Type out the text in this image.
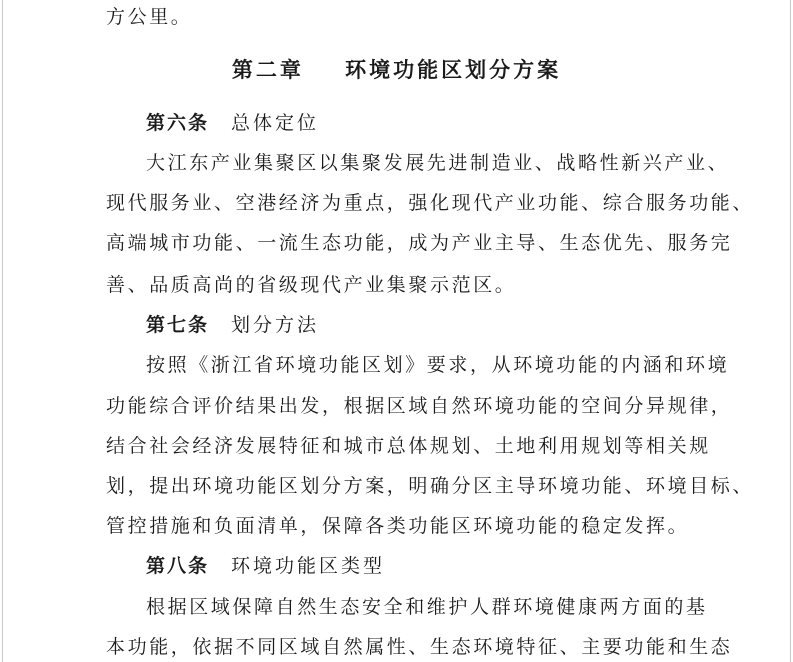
方公里。
第二章    环境功能区划分方案
第六条 总体定位
大江东产业集聚区以集聚发展先进制造业、战略性新兴产业、
现代服务业、空港经济为重点，强化现代产业功能、综合服务功能、
高端城市功能、一流生态功能，成为产业主导、生态优先、服务完
善、品质高尚的省级现代产业集聚示范区。
第七条 划分方法
按照《浙江省环境功能区划》要求，从环境功能的内涵和环境
功能综合评价结果出发，根据区域自然环境功能的空间分异规律，
结合社会经济发展特征和城市总体规划、土地利用规划等相关规
划，提出环境功能区划分方案，明确分区主导环境功能、环境目标、
管控措施和负面清单，保障各类功能区环境功能的稳定发挥。
第八条 环境功能区类型
根据区域保障自然生态安全和维护人群环境健康两方面的基
本功能，依据不同区域自然属性、生态环境特征、主要功能和生态
